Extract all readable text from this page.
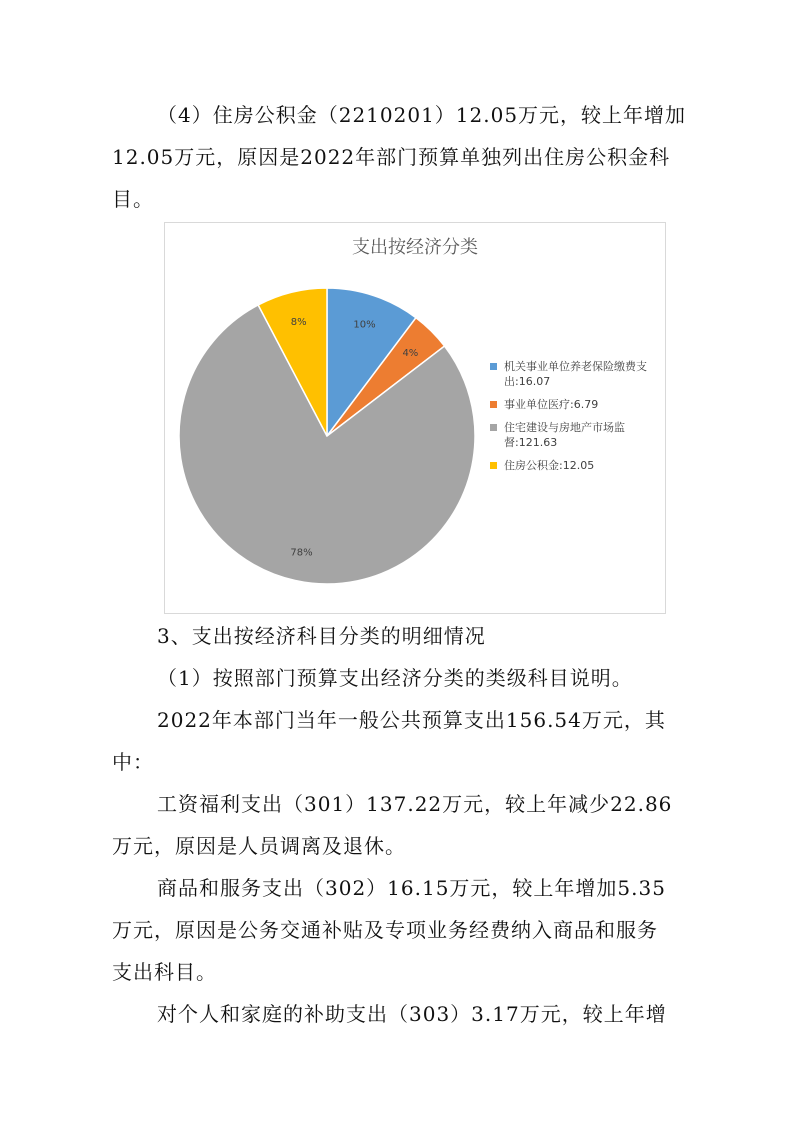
（4）住房公积金（2210201）12.05万元，较上年增加
12.05万元，原因是2022年部门预算单独列出住房公积金科
目。
支出按经济分类
10%
4%
78%
8%
机关事业单位养老保险缴费支出:16.07
事业单位医疗:6.79
住宅建设与房地产市场监督:121.63
住房公积金:12.05
3、支出按经济科目分类的明细情况
（1）按照部门预算支出经济分类的类级科目说明。
2022年本部门当年一般公共预算支出156.54万元，其
中：
工资福利支出（301）137.22万元，较上年减少22.86
万元，原因是人员调离及退休。
商品和服务支出（302）16.15万元，较上年增加5.35
万元，原因是公务交通补贴及专项业务经费纳入商品和服务
支出科目。
对个人和家庭的补助支出（303）3.17万元，较上年增
